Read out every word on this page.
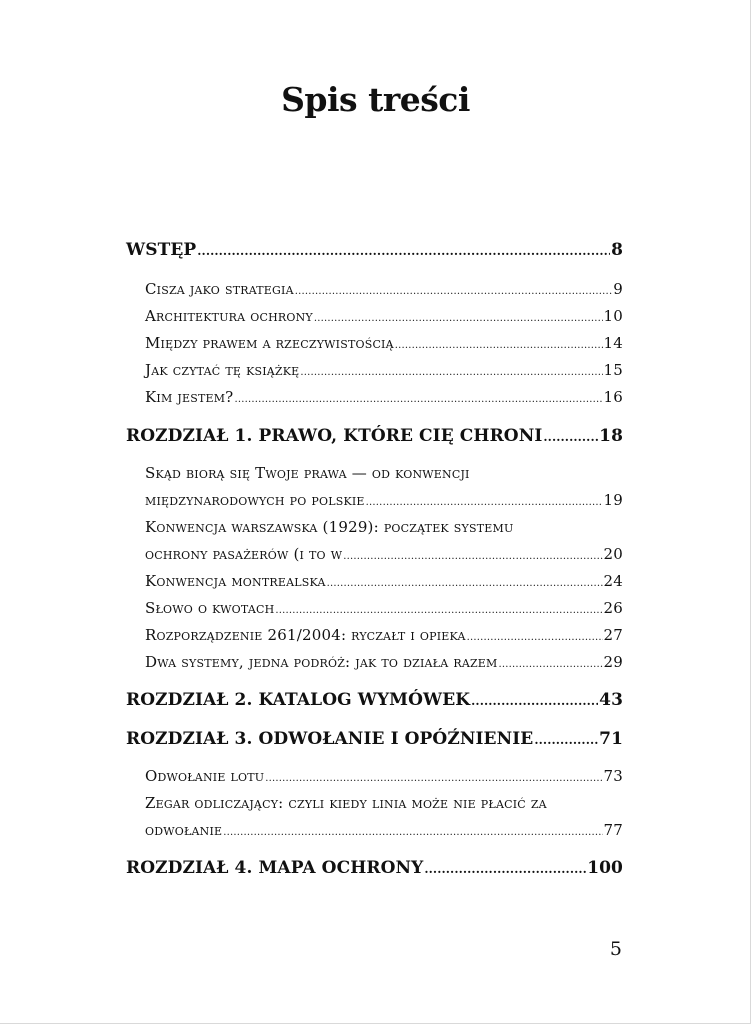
Spis treści
WSTĘP .....	8
Cisza jako strategia .....	9
Architektura ochrony .....	10
Między prawem a rzeczywistością .....	14
Jak czytać tę książkę .....	15
Kim jestem? .....	16
ROZDZIAŁ 1. PRAWO, KTÓRE CIĘ CHRONI .....	18
Skąd biorą się Twoje prawa — od konwencji
międzynarodowych po polskie .....	19
Konwencja warszawska (1929): początek systemu
ochrony pasażerów (i to w .....	20
Konwencja montrealska .....	24
Słowo o kwotach .....	26
Rozporządzenie 261/2004: ryczałt i opieka .....	27
Dwa systemy, jedna podróż: jak to działa razem .....	29
ROZDZIAŁ 2. KATALOG WYMÓWEK .....	43
ROZDZIAŁ 3. ODWOŁANIE I OPÓŹNIENIE .....	71
Odwołanie lotu .....	73
Zegar odliczający: czyli kiedy linia może nie płacić za
odwołanie .....	77
ROZDZIAŁ 4. MAPA OCHRONY .....	100
5
